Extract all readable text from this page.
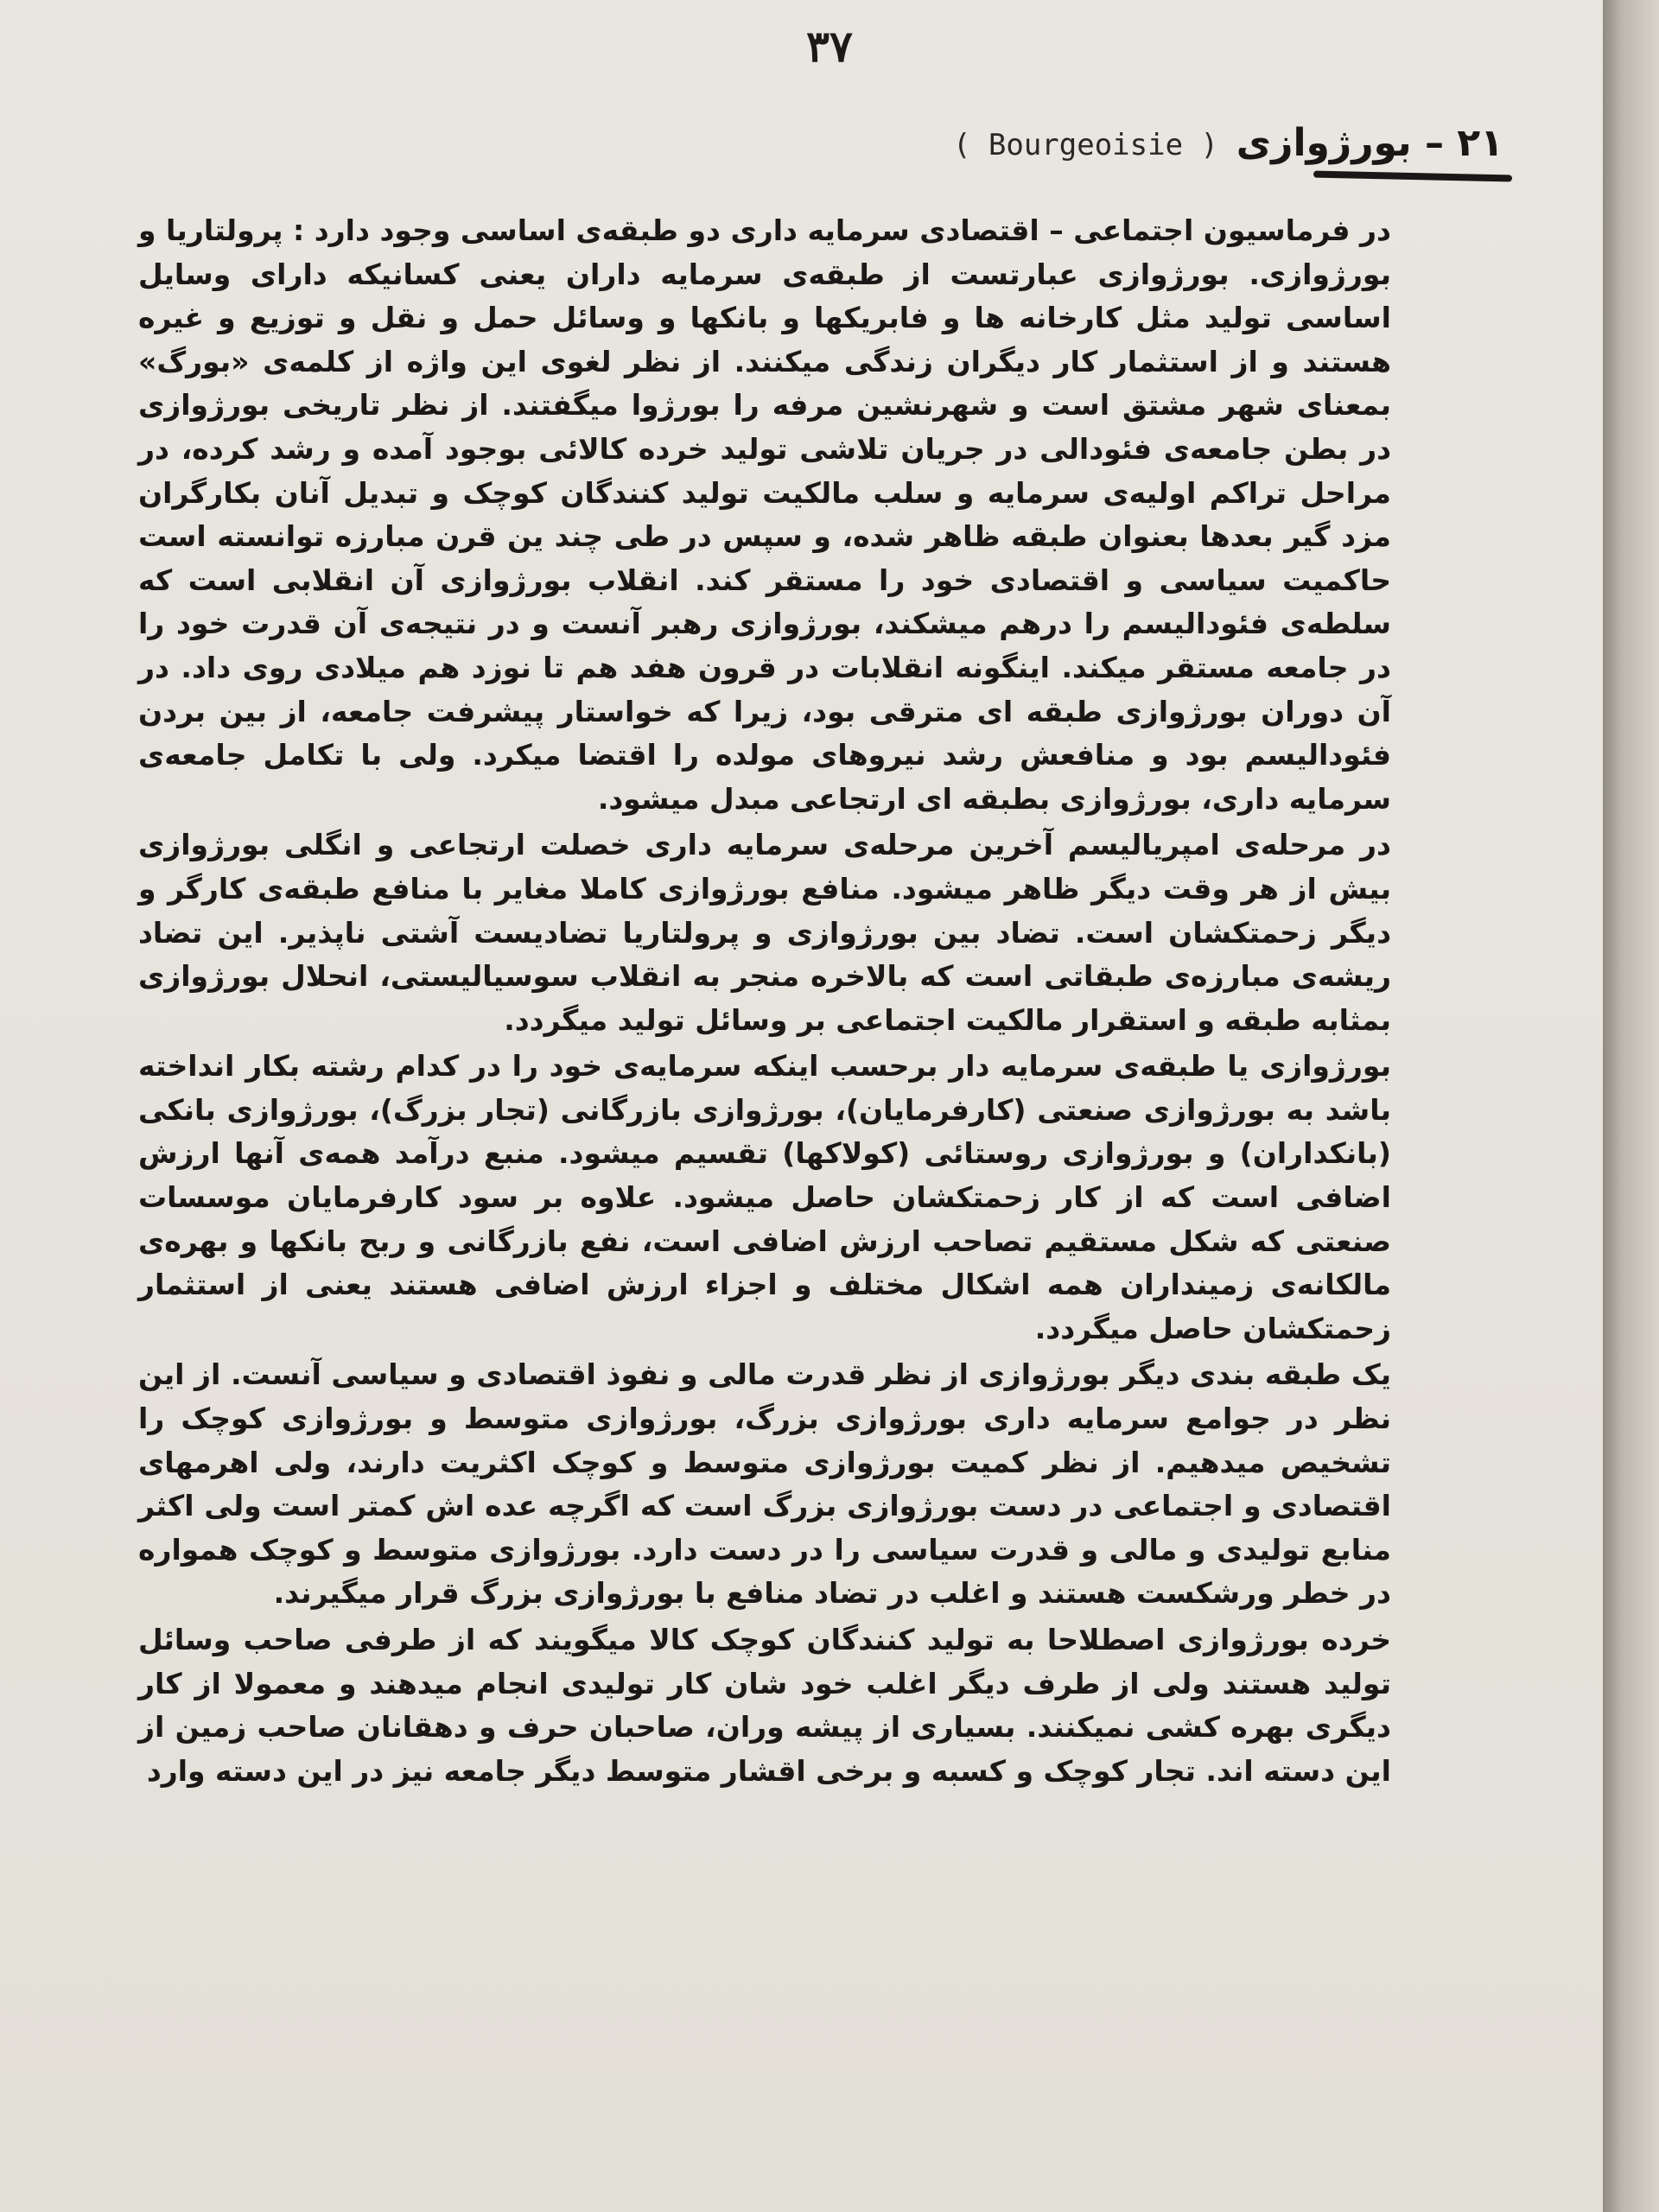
۳۷
۲۱ – بورژوازی
( Bourgeoisie )

در فرماسیون اجتماعی – اقتصادی سرمایه داری دو طبقه‌ی اساسی وجود دارد : پرولتاریا و بورژوازی. بورژوازی عبارتست از طبقه‌ی سرمایه داران یعنی کسانیکه دارای وسایل اساسی تولید مثل کارخانه ها و فابریکها و بانکها و وسائل حمل و نقل و توزیع و غیره هستند و از استثمار کار دیگران زندگی میکنند. از نظر لغوی این واژه از کلمه‌ی «بورگ» بمعنای شهر مشتق است و شهرنشین مرفه را بورژوا میگفتند. از نظر تاریخی بورژوازی در بطن جامعه‌ی فئودالی در جریان تلاشی تولید خرده کالائی بوجود آمده و رشد کرده، در مراحل تراکم اولیه‌ی سرمایه و سلب مالکیت تولید کنندگان کوچک و تبدیل آنان بکارگران مزد گیر بعدها بعنوان طبقه ظاهر شده، و سپس در طی چند ین قرن مبارزه توانسته است حاکمیت سیاسی و اقتصادی خود را مستقر کند. انقلاب بورژوازی آن انقلابی است که سلطه‌ی فئودالیسم را درهم میشکند، بورژوازی رهبر آنست و در نتیجه‌ی آن قدرت خود را در جامعه مستقر میکند. اینگونه انقلابات در قرون هفد هم تا نوزد هم میلادی روی داد. در آن دوران بورژوازی طبقه ای مترقی بود، زیرا که خواستار پیشرفت جامعه، از بین بردن فئودالیسم بود و منافعش رشد نیروهای مولده را اقتضا میکرد. ولی با تکامل جامعه‌ی سرمایه داری، بورژوازی بطبقه ای ارتجاعی مبدل میشود.

در مرحله‌ی امپریالیسم آخرین مرحله‌ی سرمایه داری خصلت ارتجاعی و انگلی بورژوازی بیش از هر وقت دیگر ظاهر میشود. منافع بورژوازی کاملا مغایر با منافع طبقه‌ی کارگر و دیگر زحمتکشان است. تضاد بین بورژوازی و پرولتاریا تضادیست آشتی ناپذیر. این تضاد ریشه‌ی مبارزه‌ی طبقاتی است که بالاخره منجر به انقلاب سوسیالیستی، انحلال بورژوازی بمثابه طبقه و استقرار مالکیت اجتماعی بر وسائل تولید میگردد.

بورژوازی یا طبقه‌ی سرمایه دار برحسب اینکه سرمایه‌ی خود را در کدام رشته بکار انداخته باشد به بورژوازی صنعتی (کارفرمایان)، بورژوازی بازرگانی (تجار بزرگ)، بورژوازی بانکی (بانکداران) و بورژوازی روستائی (کولاکها) تقسیم میشود. منبع درآمد همه‌ی آنها ارزش اضافی است که از کار زحمتکشان حاصل میشود. علاوه بر سود کارفرمایان موسسات صنعتی که شکل مستقیم تصاحب ارزش اضافی است، نفع بازرگانی و ربح بانکها و بهره‌ی مالکانه‌ی زمینداران همه اشکال مختلف و اجزاء ارزش اضافی هستند یعنی از استثمار زحمتکشان حاصل میگردد.

یک طبقه بندی دیگر بورژوازی از نظر قدرت مالی و نفوذ اقتصادی و سیاسی آنست. از این نظر در جوامع سرمایه داری بورژوازی بزرگ، بورژوازی متوسط و بورژوازی کوچک را تشخیص میدهیم. از نظر کمیت بورژوازی متوسط و کوچک اکثریت دارند، ولی اهرمهای اقتصادی و اجتماعی در دست بورژوازی بزرگ است که اگرچه عده اش کمتر است ولی اکثر منابع تولیدی و مالی و قدرت سیاسی را در دست دارد. بورژوازی متوسط و کوچک همواره در خطر ورشکست هستند و اغلب در تضاد منافع با بورژوازی بزرگ قرار میگیرند.

خرده بورژوازی اصطلاحا به تولید کنندگان کوچک کالا میگویند که از طرفی صاحب وسائل تولید هستند ولی از طرف دیگر اغلب خود شان کار تولیدی انجام میدهند و معمولا از کار دیگری بهره کشی نمیکنند. بسیاری از پیشه وران، صاحبان حرف و دهقانان صاحب زمین از این دسته اند. تجار کوچک و کسبه و برخی اقشار متوسط دیگر جامعه نیز در این دسته وارد
